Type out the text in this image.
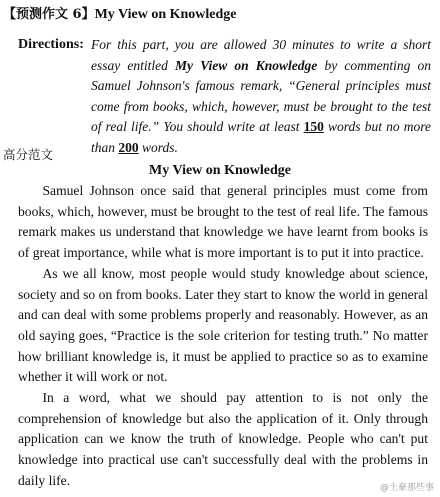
【预测作文 6】My View on Knowledge
Directions: For this part, you are allowed 30 minutes to write a short essay entitled My View on Knowledge by commenting on Samuel Johnson's famous remark, “General principles must come from books, which, however, must be brought to the test of real life.” You should write at least 150 words but no more than 200 words.

高分范文
My View on Knowledge

Samuel Johnson once said that general principles must come from books, which, however, must be brought to the test of real life. The famous remark makes us understand that knowledge we have learnt from books is of great importance, while what is more important is to put it into practice.

As we all know, most people would study knowledge about science, society and so on from books. Later they start to know the world in general and can deal with some problems properly and reasonably. However, as an old saying goes, “Practice is the sole criterion for testing truth.” No matter how brilliant knowledge is, it must be applied to practice so as to examine whether it will work or not.

In a word, what we should pay attention to is not only the comprehension of knowledge but also the application of it. Only through application can we know the truth of knowledge. People who can't put knowledge into practical use can't successfully deal with the problems in daily life.

@土豪那些事
